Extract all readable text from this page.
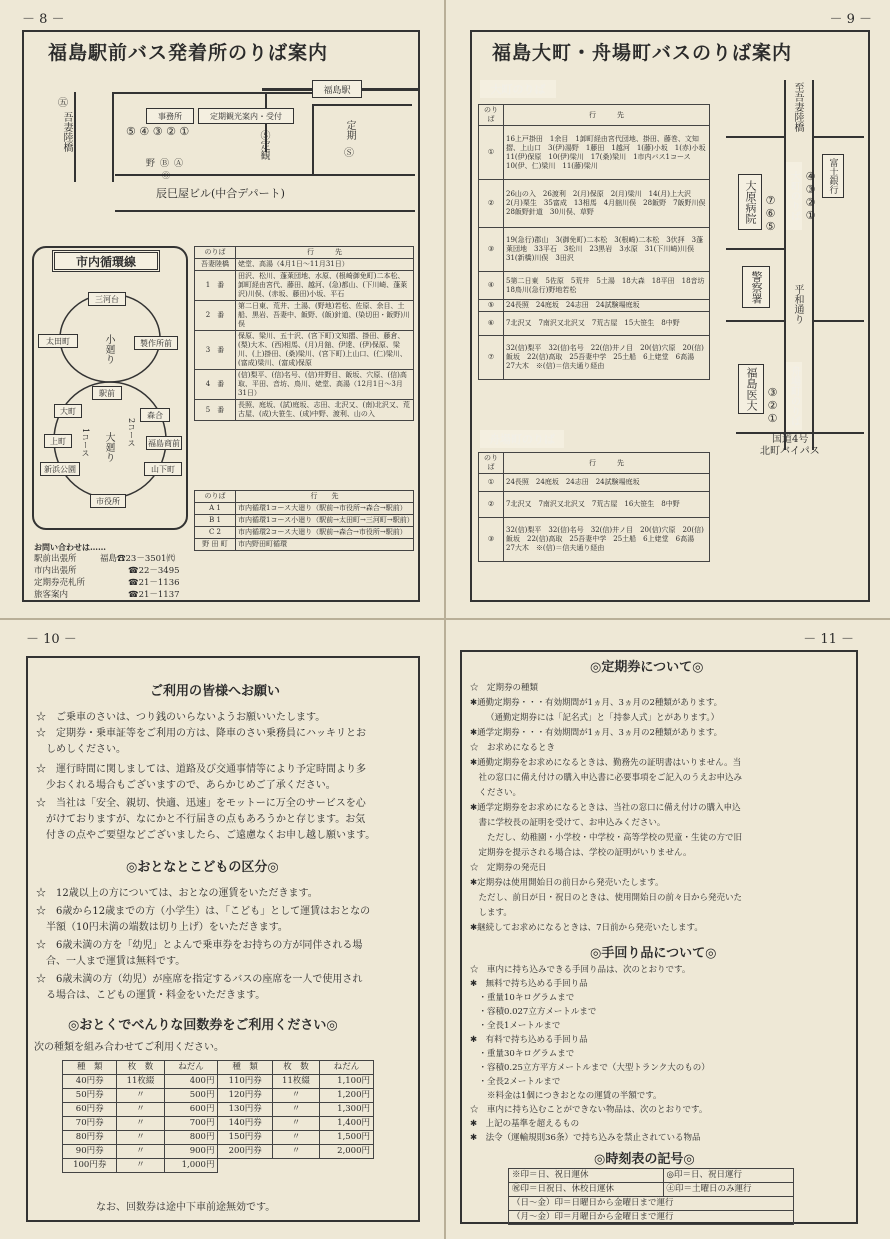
－ 8 －
福島駅前バス発着所のりば案内
福島駅
事務所	定期観光案内・受付
⑤ ④ ③ ② ①	Ⓢ定観	定期
Ⓢ
野 Ⓑ Ⓐ
Ⓒ
辰巳屋ビル(中合デパート)
㊄
吾妻陸橋
市内循環線
三河台
太田町	製作所前
駅前
大町	森合
上町	福島商前
新浜公園	山下町
市役所
小廻り
大廻り
1コース	2コース
お問い合わせは……
駅前出張所	福島☎23－3501㈹
市内出張所	☎22－3495
定期券売札所	☎21－1136
旅客案内	☎21－1137
のりば	行　　　先
吾妻陸橋	姥堂、高湯（4月1日～11月31日）
1　番	田沢、松川、蓬萊団地、水原、(根崎御免町)二本松、卸町経由宮代、藤田、越河、(急)都山、(下川崎、蓬萊沢)川俣、(赤坂、藤田)小坂、平石
2　番	第二日東、荒井、土湯、(野地)若松、佐原、余目、土船、黒岩、吾妻中、飯野、(飯)針道、(染切田・飯野)川俣
3　番	保原、梁川、五十沢、(宮下町)文知摺、掛田、藤倉、(梨)大木、(西)相馬、(月)月舘、伊達、(伊)保原、梁川、(上)掛田、(桑)梁川、(宮下町)上山口、(仁)梁川、(富成)梁川、(富成)保原
4　番	(信)梨平、(信)名号、(信)井野目、飯坂、穴原、(信)高取、平田、音坊、鳥川、姥堂、高湯（12月1日～3月31日）
5　番	長照、庭坂、(試)庭坂、志田、北沢又、(南)北沢又、荒古屋、(成)大笹生、(成)中野、渡利、山の入
のりば	行　　先
A 1	市内循環1コース大廻り（駅前→市役所→森合→駅前）
B 1	市内循環1コース小廻り（駅前→太田町→三河町→駅前）
C 2	市内循環2コース大廻り（駅前→森合→市役所→駅前）
野 田 町	市内野田町循環
－ 9 －
福島大町・舟場町バスのりば案内
大町のりば
のりば	行　　　先
①	16上戸掛田　1余目　1卸町経由宮代団地、掛田、藤巻、文知摺、上山口　3(伊)湯野　1藤田　1越河　1(藤)小坂　1(赤)小坂　11(伊)保原　10(伊)梁川　17(桑)梁川　1市内バス1コース　10(伊、仁)梁川　11(藤)梁川
②	26山の入　26渡利　2(月)保原　2(月)梁川　14(月)上大沢　2(月)栗生　35富成　13相馬　4月舘川俣　28飯野　7飯野川俣　28飯野針道　30川俣、草野
③	19(急行)郡山　3(御免町)二本松　3(根崎)二本松　3伏拝　3蓬萊団地　33平石　3松川　23黒岩　3水原　31(下川崎)川俣　31(新橋)川俣　3田沢
④	5第二日東　5佐原　5荒井　5土湯　18大森　18平田　18音坊　18鳥川(急行)野地若松
⑤	24長照　24庭坂　24志田　24試験場庭坂
⑥	7北沢又　7南沢又北沢又　7荒古屋　15大笹生　8中野
⑦	32(信)梨平　32(信)名号　22(信)井ノ目　20(信)穴原　20(信)飯坂　22(信)高取　25吾妻中学　25土船　6上姥堂　6高湯　27大木　※(信)＝信夫通り経由
舟場町のりば
のりば	行　　　先
①	24長照　24庭坂　24志田　24試験場庭坂
②	7北沢又　7南沢又北沢又　7荒古屋　16大笹生　8中野
③	32(信)梨平　32(信)名号　32(信)井ノ目　20(信)穴原　20(信)飯坂　22(信)高取　25吾妻中学　25土船　6上姥堂　6高湯　27大木　※(信)＝信夫通り経由
至吾妻陸橋
富士銀行
大町のりば ④③②①
大原病院 ⑦⑥⑤
警察署	平和通り
福島医大 ③②① 舟場町のりば
国道4号
北町バイパス
－ 10 －
ご利用の皆様へお願い
☆　ご乗車のさいは、つり銭のいらないようお願いいたします。
☆　定期券・乗車証等をご利用の方は、降車のさい乗務員にハッキリとお
　しめしください。
☆　運行時間に関しましては、道路及び交通事情等により予定時間より多
　少おくれる場合もございますので、あらかじめご了承ください。
☆　当社は「安全、親切、快適、迅速」をモットーに万全のサービスを心
　がけておりますが、なにかと不行届きの点もあろうかと存じます。お気
　付きの点やご要望などございましたら、ご遠慮なくお申し越し願います。
◎おとなとこどもの区分◎
☆　12歳以上の方については、おとなの運賃をいただきます。
☆　6歳から12歳までの方（小学生）は、「こども」として運賃はおとなの
　半額（10円未満の端数は切り上げ）をいただきます。
☆　6歳未満の方を「幼児」とよんで乗車券をお持ちの方が同伴される場
　合、一人まで運賃は無料です。
☆　6歳未満の方（幼児）が座席を指定するバスの座席を一人で使用され
　る場合は、こどもの運賃・料金をいただきます。
◎おとくでべんりな回数券をご利用ください◎
次の種類を組み合わせてご利用ください。
種　類	枚　数	ねだん	種　類	枚　数	ねだん
40円券	11枚綴	400円	110円券	11枚綴	1,100円
50円券	〃	500円	120円券	〃	1,200円
60円券	〃	600円	130円券	〃	1,300円
70円券	〃	700円	140円券	〃	1,400円
80円券	〃	800円	150円券	〃	1,500円
90円券	〃	900円	200円券	〃	2,000円
100円券	〃	1,000円			
なお、回数券は途中下車前途無効です。
－ 11 －
◎定期券について◎
☆　定期券の種類
✱通勤定期券・・・有効期間が1ヵ月、3ヵ月の2種類があります。
（通勤定期券には「記名式」と「持参人式」とがあります。）
✱通学定期券・・・有効期間が1ヵ月、3ヵ月の2種類があります。
☆　お求めになるとき
✱通勤定期券をお求めになるときは、勤務先の証明書はいりません。当
　社の窓口に備え付けの購入申込書に必要事項をご記入のうえお申込み
　ください。
✱通学定期券をお求めになるときは、当社の窓口に備え付けの購入申込
　書に学校長の証明を受けて、お申込みください。
　　ただし、幼稚園・小学校・中学校・高等学校の児童・生徒の方で旧
　定期券を提示される場合は、学校の証明がいりません。
☆　定期券の発売日
✱定期券は使用開始日の前日から発売いたします。
　ただし、前日が日・祝日のときは、使用開始日の前々日から発売いた
　します。
✱継続してお求めになるときは、7日前から発売いたします。
◎手回り品について◎
☆　車内に持ち込みできる手回り品は、次のとおりです。
✱　無料で持ち込める手回り品
　・重量10キログラムまで
　・容積0.027立方メートルまで
　・全長1メートルまで
✱　有料で持ち込める手回り品
　・重量30キログラムまで
　・容積0.25立方平方メートルまで（大型トランク大のもの）
　・全長2メートルまで
　　※料金は1個につきおとなの運賃の半額です。
☆　車内に持ち込むことができない物品は、次のとおりです。
✱　上記の基準を超えるもの
✱　法令（運輸規則36条）で持ち込みを禁止されている物品
◎時刻表の記号◎
※印＝日、祝日運休	◎印＝日、祝日運行
㊗印＝日祝日、休校日運休	㊏印＝土曜日のみ運行
（日～金）印＝日曜日から金曜日まで運行	
（月～金）印＝月曜日から金曜日まで運行	
